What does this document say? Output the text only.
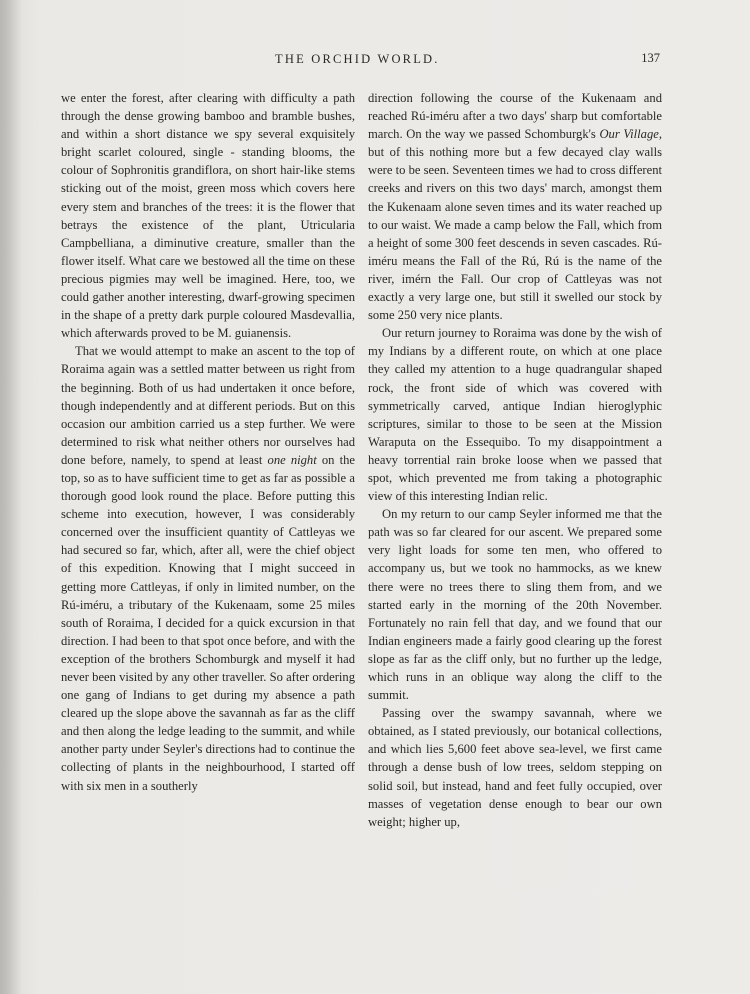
THE ORCHID WORLD.	137

we enter the forest, after clearing with difficulty a path through the dense growing bamboo and bramble bushes, and within a short distance we spy several exquisitely bright scarlet coloured, single - standing blooms, the colour of Sophronitis grandiflora, on short hair-like stems sticking out of the moist, green moss which covers here every stem and branches of the trees: it is the flower that betrays the existence of the plant, Utricularia Campbelliana, a diminutive creature, smaller than the flower itself. What care we bestowed all the time on these precious pigmies may well be imagined. Here, too, we could gather another interesting, dwarf-growing specimen in the shape of a pretty dark purple coloured Masdevallia, which afterwards proved to be M. guianensis.

That we would attempt to make an ascent to the top of Roraima again was a settled matter between us right from the beginning. Both of us had undertaken it once before, though independently and at different periods. But on this occasion our ambition carried us a step further. We were determined to risk what neither others nor ourselves had done before, namely, to spend at least one night on the top, so as to have sufficient time to get as far as possible a thorough good look round the place. Before putting this scheme into execution, however, I was considerably concerned over the insufficient quantity of Cattleyas we had secured so far, which, after all, were the chief object of this expedition. Knowing that I might succeed in getting more Cattleyas, if only in limited number, on the Rú-iméru, a tributary of the Kukenaam, some 25 miles south of Roraima, I decided for a quick excursion in that direction. I had been to that spot once before, and with the exception of the brothers Schomburgk and myself it had never been visited by any other traveller. So after ordering one gang of Indians to get during my absence a path cleared up the slope above the savannah as far as the cliff and then along the ledge leading to the summit, and while another party under Seyler's directions had to continue the collecting of plants in the neighbourhood, I started off with six men in a southerly

direction following the course of the Kukenaam and reached Rú-iméru after a two days' sharp but comfortable march. On the way we passed Schomburgk's Our Village, but of this nothing more but a few decayed clay walls were to be seen. Seventeen times we had to cross different creeks and rivers on this two days' march, amongst them the Kukenaam alone seven times and its water reached up to our waist. We made a camp below the Fall, which from a height of some 300 feet descends in seven cascades. Rú-iméru means the Fall of the Rú, Rú is the name of the river, imérn the Fall. Our crop of Cattleyas was not exactly a very large one, but still it swelled our stock by some 250 very nice plants.

Our return journey to Roraima was done by the wish of my Indians by a different route, on which at one place they called my attention to a huge quadrangular shaped rock, the front side of which was covered with symmetrically carved, antique Indian hieroglyphic scriptures, similar to those to be seen at the Mission Waraputa on the Essequibo. To my disappointment a heavy torrential rain broke loose when we passed that spot, which prevented me from taking a photographic view of this interesting Indian relic.

On my return to our camp Seyler informed me that the path was so far cleared for our ascent. We prepared some very light loads for some ten men, who offered to accompany us, but we took no hammocks, as we knew there were no trees there to sling them from, and we started early in the morning of the 20th November. Fortunately no rain fell that day, and we found that our Indian engineers made a fairly good clearing up the forest slope as far as the cliff only, but no further up the ledge, which runs in an oblique way along the cliff to the summit.

Passing over the swampy savannah, where we obtained, as I stated previously, our botanical collections, and which lies 5,600 feet above sea-level, we first came through a dense bush of low trees, seldom stepping on solid soil, but instead, hand and feet fully occupied, over masses of vegetation dense enough to bear our own weight; higher up,
